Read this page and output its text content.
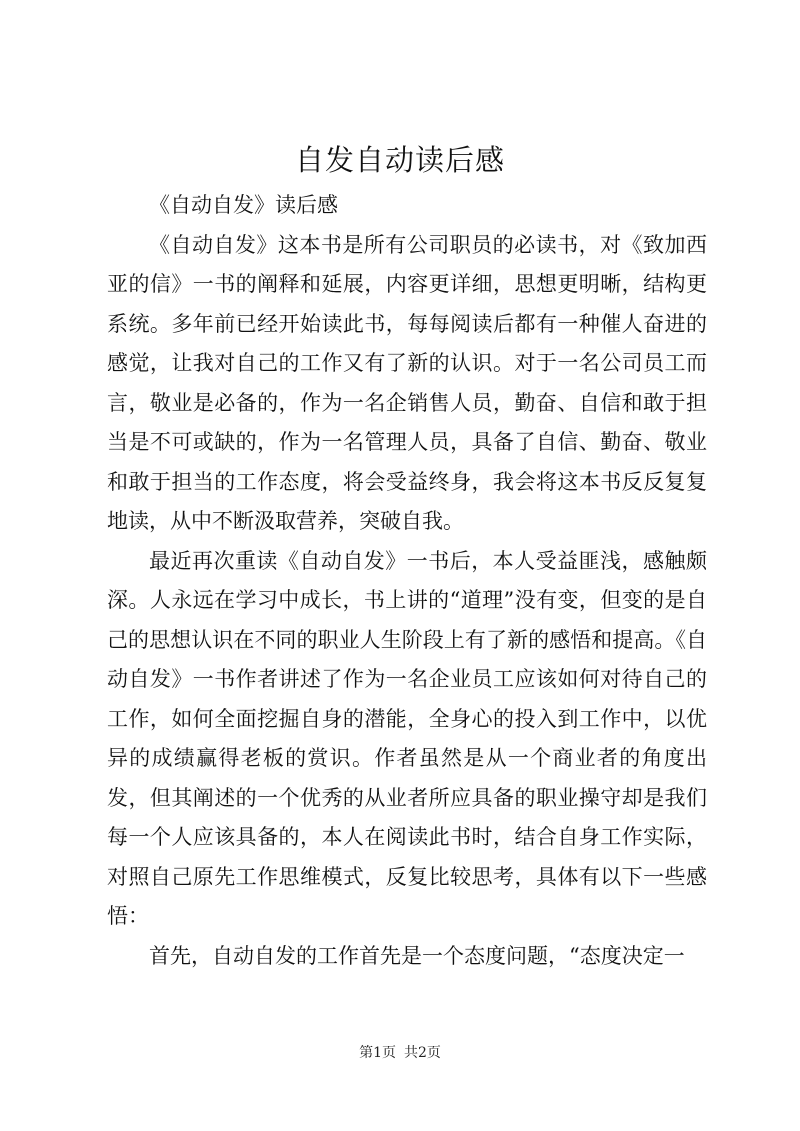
自发自动读后感

《自动自发》读后感

《自动自发》这本书是所有公司职员的必读书，对《致加西亚的信》一书的阐释和延展，内容更详细，思想更明晰，结构更系统。多年前已经开始读此书，每每阅读后都有一种催人奋进的感觉，让我对自己的工作又有了新的认识。对于一名公司员工而言，敬业是必备的，作为一名企销售人员，勤奋、自信和敢于担当是不可或缺的，作为一名管理人员，具备了自信、勤奋、敬业和敢于担当的工作态度，将会受益终身，我会将这本书反反复复地读，从中不断汲取营养，突破自我。

最近再次重读《自动自发》一书后，本人受益匪浅，感触颇深。人永远在学习中成长，书上讲的“道理”没有变，但变的是自己的思想认识在不同的职业人生阶段上有了新的感悟和提高。《自动自发》一书作者讲述了作为一名企业员工应该如何对待自己的工作，如何全面挖掘自身的潜能，全身心的投入到工作中，以优异的成绩赢得老板的赏识。作者虽然是从一个商业者的角度出发，但其阐述的一个优秀的从业者所应具备的职业操守却是我们每一个人应该具备的，本人在阅读此书时，结合自身工作实际，对照自己原先工作思维模式，反复比较思考，具体有以下一些感悟：

首先，自动自发的工作首先是一个态度问题，“态度决定一

第1页 共2页
